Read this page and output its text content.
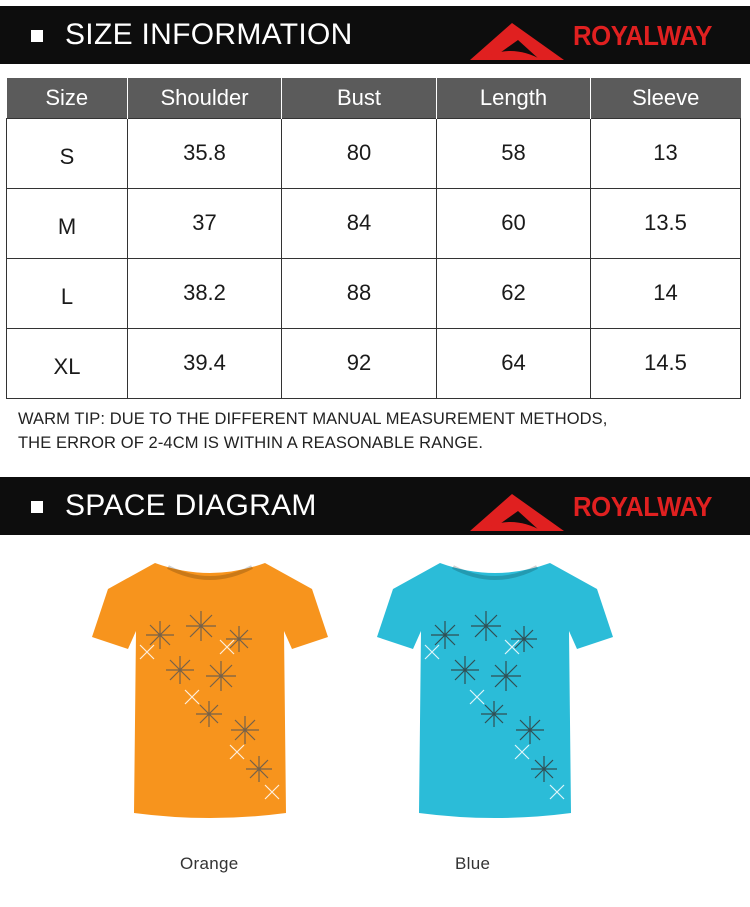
SIZE INFORMATION	ROYALWAY
Size	Shoulder	Bust	Length	Sleeve
S	35.8	80	58	13
M	37	84	60	13.5
L	38.2	88	62	14
XL	39.4	92	64	14.5
WARM TIP: DUE TO THE DIFFERENT MANUAL MEASUREMENT METHODS,
THE ERROR OF 2-4CM IS WITHIN A REASONABLE RANGE.
SPACE DIAGRAM	ROYALWAY
Orange	Blue
